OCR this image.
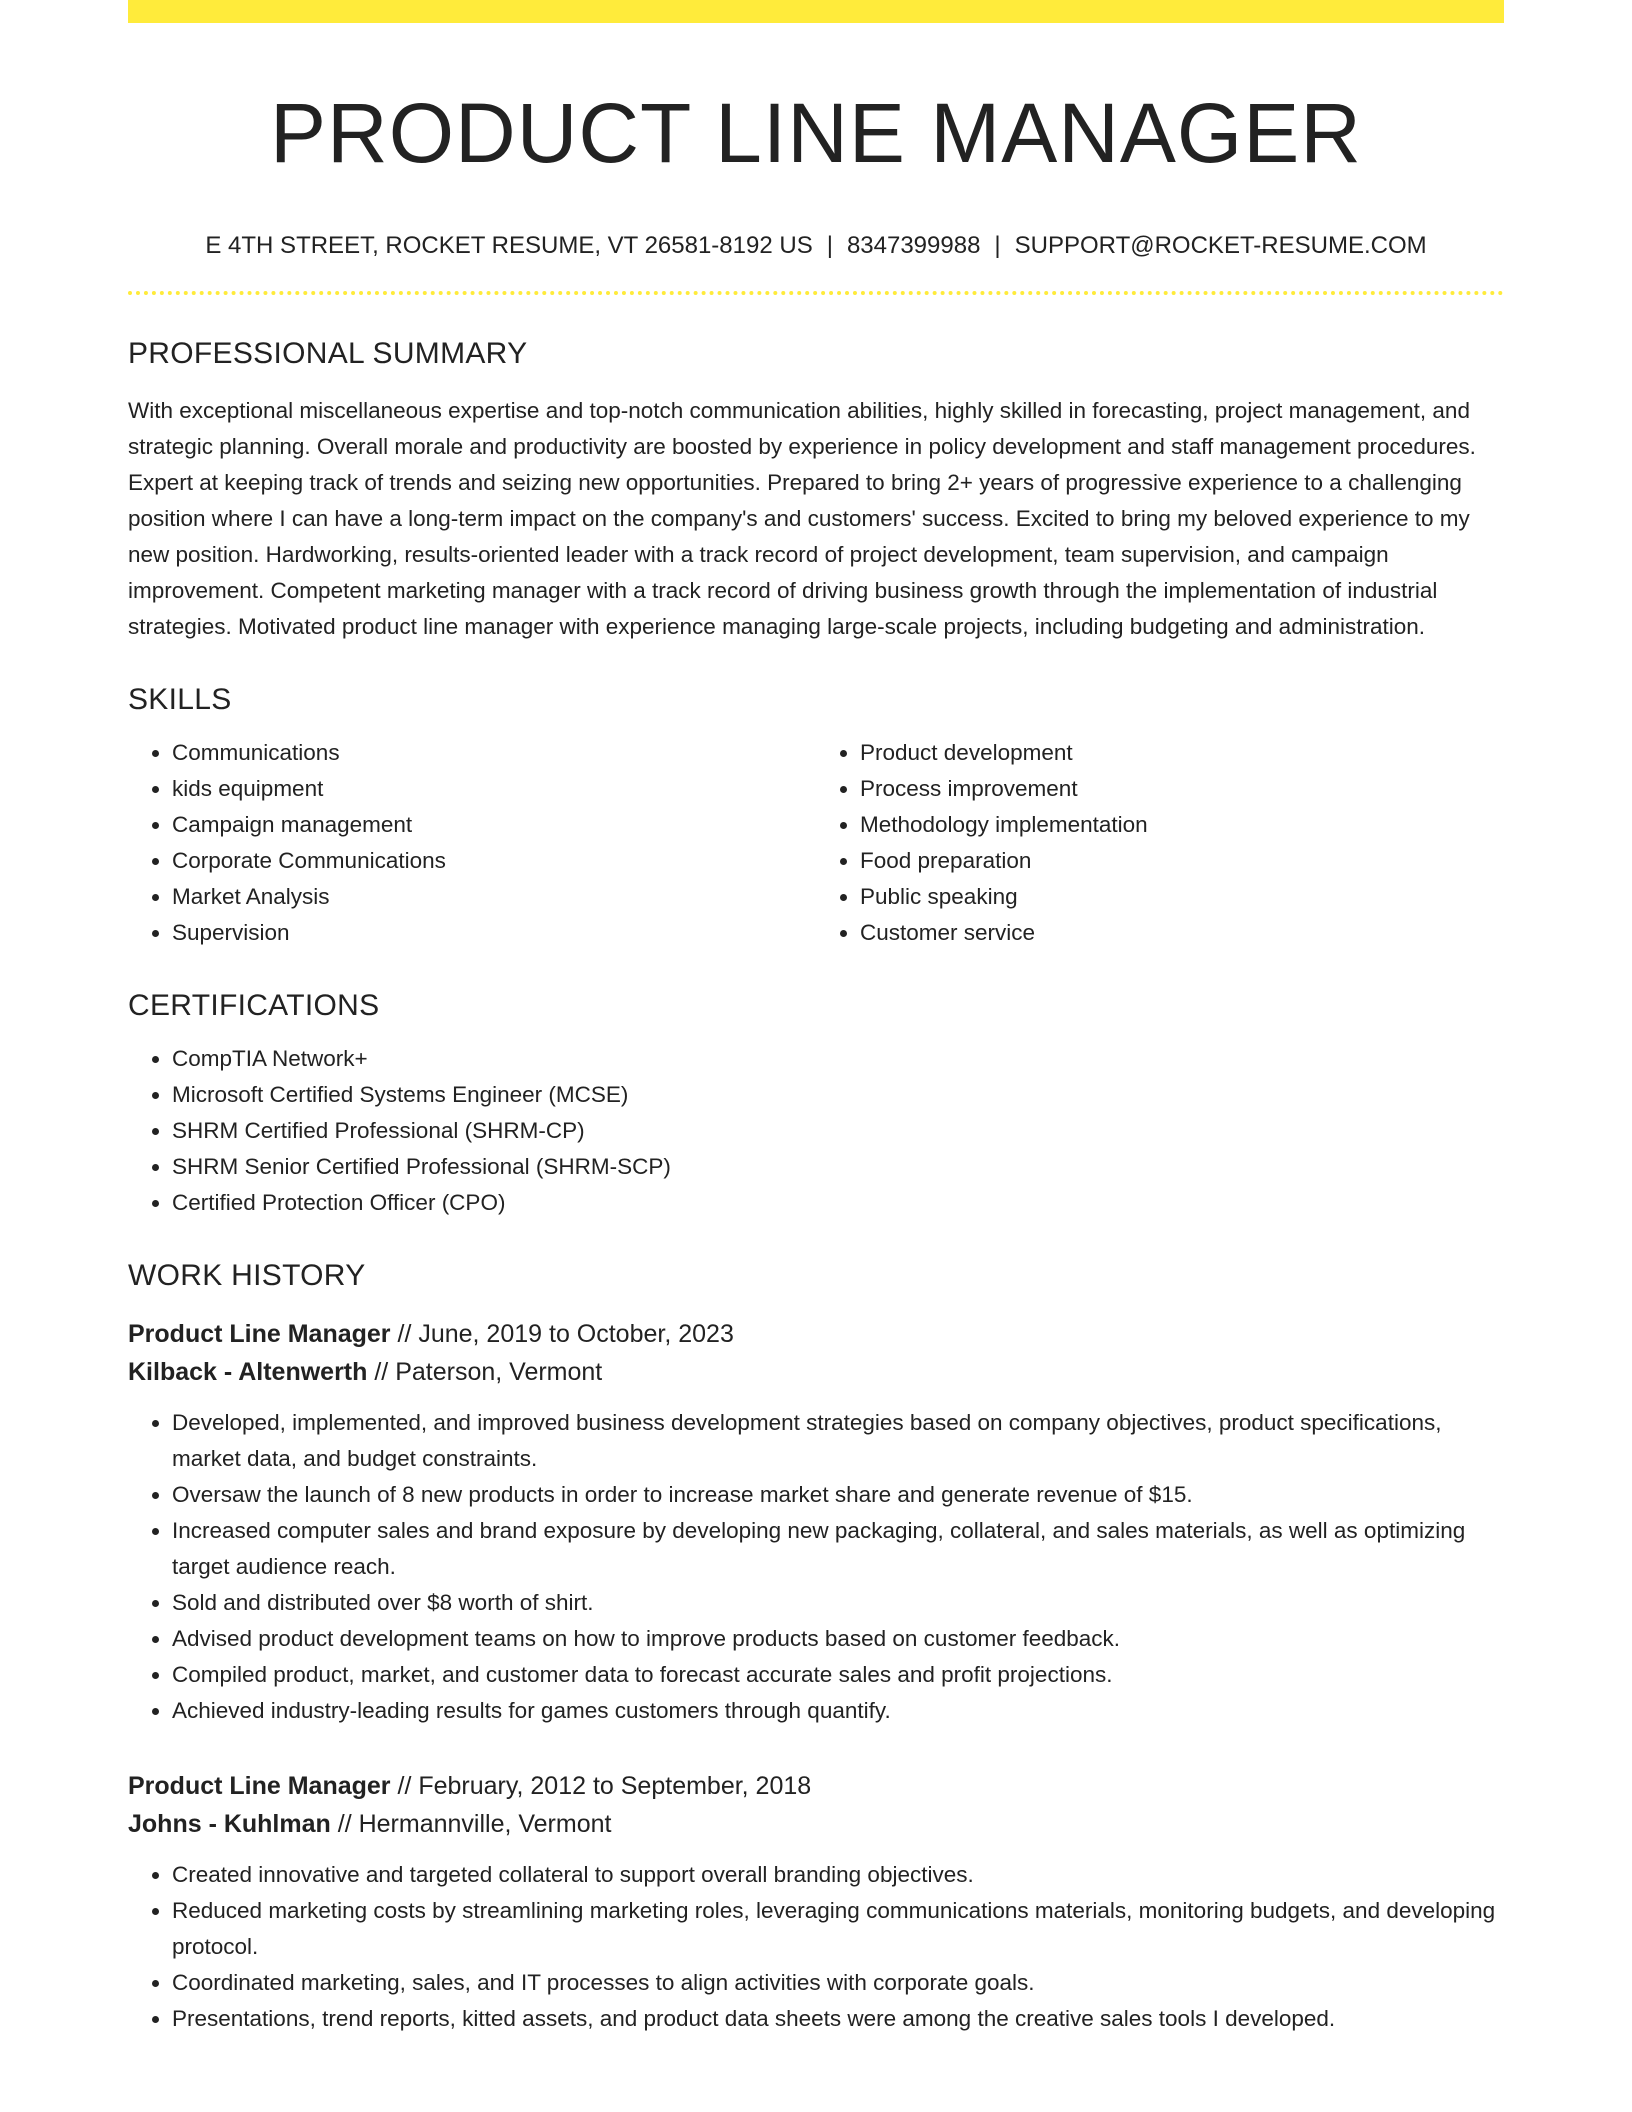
PRODUCT LINE MANAGER
E 4TH STREET, ROCKET RESUME, VT 26581-8192 US | 8347399988 | SUPPORT@ROCKET-RESUME.COM
PROFESSIONAL SUMMARY

With exceptional miscellaneous expertise and top-notch communication abilities, highly skilled in forecasting, project management, and strategic planning. Overall morale and productivity are boosted by experience in policy development and staff management procedures. Expert at keeping track of trends and seizing new opportunities. Prepared to bring 2+ years of progressive experience to a challenging position where I can have a long-term impact on the company's and customers' success. Excited to bring my beloved experience to my new position. Hardworking, results-oriented leader with a track record of project development, team supervision, and campaign improvement. Competent marketing manager with a track record of driving business growth through the implementation of industrial strategies. Motivated product line manager with experience managing large-scale projects, including budgeting and administration.

SKILLS
• Communications
• kids equipment
• Campaign management
• Corporate Communications
• Market Analysis
• Supervision
• Product development
• Process improvement
• Methodology implementation
• Food preparation
• Public speaking
• Customer service
CERTIFICATIONS
• CompTIA Network+
• Microsoft Certified Systems Engineer (MCSE)
• SHRM Certified Professional (SHRM-CP)
• SHRM Senior Certified Professional (SHRM-SCP)
• Certified Protection Officer (CPO)
WORK HISTORY
Product Line Manager // June, 2019 to October, 2023
Kilback - Altenwerth // Paterson, Vermont
• Developed, implemented, and improved business development strategies based on company objectives, product specifications, market data, and budget constraints.
• Oversaw the launch of 8 new products in order to increase market share and generate revenue of $15.
• Increased computer sales and brand exposure by developing new packaging, collateral, and sales materials, as well as optimizing target audience reach.
• Sold and distributed over $8 worth of shirt.
• Advised product development teams on how to improve products based on customer feedback.
• Compiled product, market, and customer data to forecast accurate sales and profit projections.
• Achieved industry-leading results for games customers through quantify.
Product Line Manager // February, 2012 to September, 2018
Johns - Kuhlman // Hermannville, Vermont
• Created innovative and targeted collateral to support overall branding objectives.
• Reduced marketing costs by streamlining marketing roles, leveraging communications materials, monitoring budgets, and developing protocol.
• Coordinated marketing, sales, and IT processes to align activities with corporate goals.
• Presentations, trend reports, kitted assets, and product data sheets were among the creative sales tools I developed.
